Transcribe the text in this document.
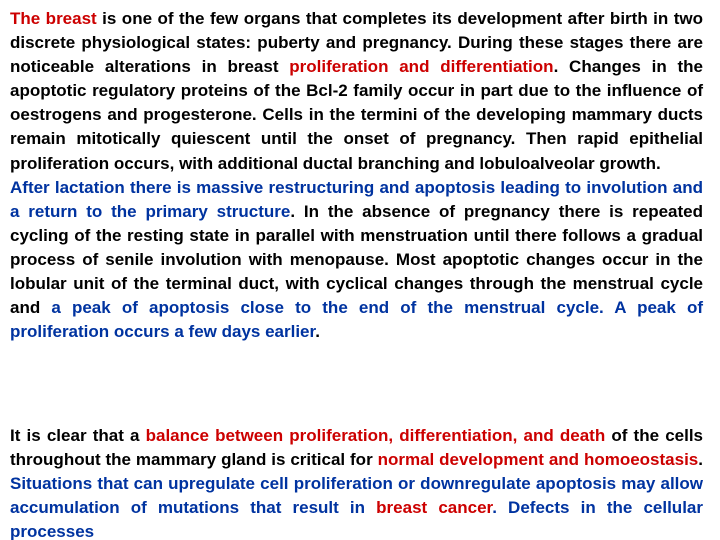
The breast is one of the few organs that completes its development after birth in two discrete physiological states: puberty and pregnancy. During these stages there are noticeable alterations in breast proliferation and differentiation. Changes in the apoptotic regulatory proteins of the Bcl-2 family occur in part due to the influence of oestrogens and progesterone. Cells in the termini of the developing mammary ducts remain mitotically quiescent until the onset of pregnancy. Then rapid epithelial proliferation occurs, with additional ductal branching and lobuloalveolar growth.
After lactation there is massive restructuring and apoptosis leading to involution and a return to the primary structure. In the absence of pregnancy there is repeated cycling of the resting state in parallel with menstruation until there follows a gradual process of senile involution with menopause. Most apoptotic changes occur in the lobular unit of the terminal duct, with cyclical changes through the menstrual cycle and a peak of apoptosis close to the end of the menstrual cycle. A peak of proliferation occurs a few days earlier.
It is clear that a balance between proliferation, differentiation, and death of the cells throughout the mammary gland is critical for normal development and homoeostasis. Situations that can upregulate cell proliferation or downregulate apoptosis may allow accumulation of mutations that result in breast cancer. Defects in the cellular processes
